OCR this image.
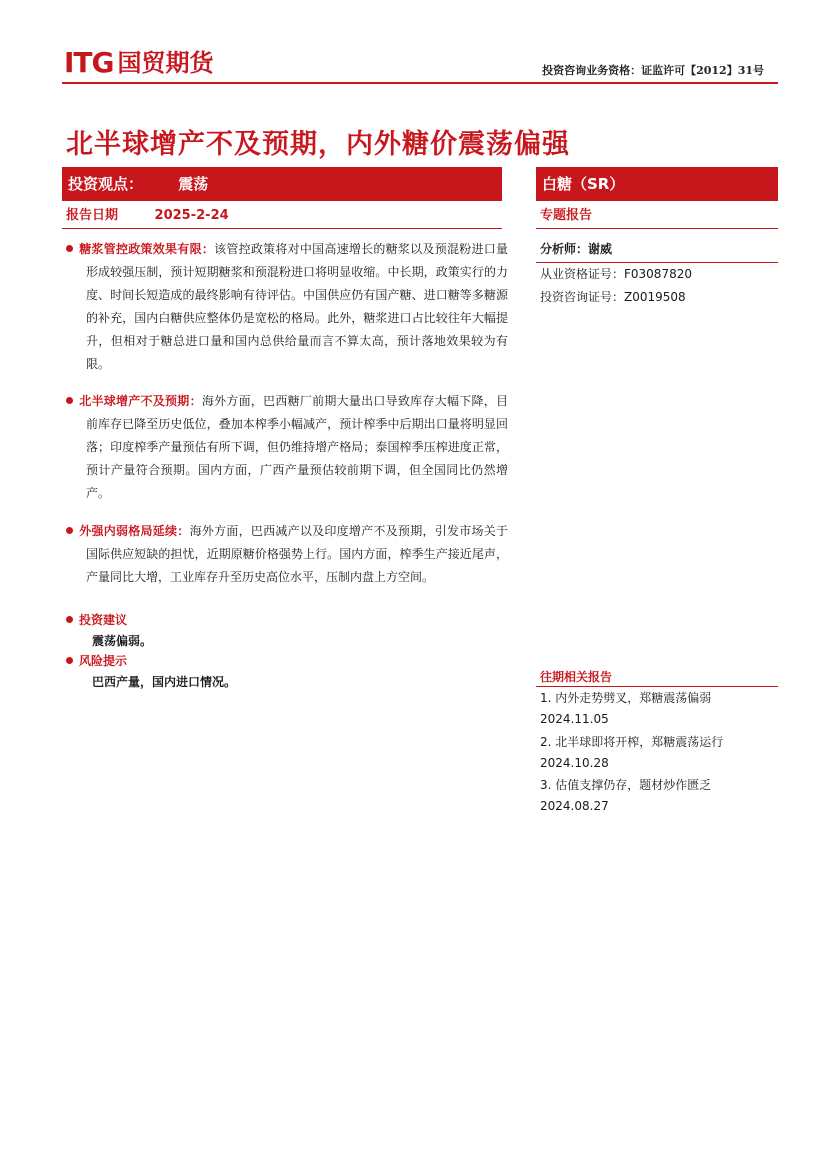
ITG 国贸期货	投资咨询业务资格：证监许可【2012】31号
北半球增产不及预期，内外糖价震荡偏强
投资观点： 震荡	白糖（SR）
报告日期	2025-2-24	专题报告
糖浆管控政策效果有限：该管控政策将对中国高速增长的糖浆以及预混粉进口量形成较强压制，预计短期糖浆和预混粉进口将明显收缩。中长期，政策实行的力度、时间长短造成的最终影响有待评估。中国供应仍有国产糖、进口糖等多糖源的补充，国内白糖供应整体仍是宽松的格局。此外，糖浆进口占比较往年大幅提升，但相对于糖总进口量和国内总供给量而言不算太高，预计落地效果较为有限。
北半球增产不及预期：海外方面，巴西糖厂前期大量出口导致库存大幅下降，目前库存已降至历史低位，叠加本榨季小幅减产，预计榨季中后期出口量将明显回落；印度榨季产量预估有所下调，但仍维持增产格局；泰国榨季压榨进度正常，预计产量符合预期。国内方面，广西产量预估较前期下调，但全国同比仍然增产。
外强内弱格局延续：海外方面，巴西减产以及印度增产不及预期，引发市场关于国际供应短缺的担忧，近期原糖价格强势上行。国内方面，榨季生产接近尾声，产量同比大增，工业库存升至历史高位水平，压制内盘上方空间。
投资建议
震荡偏弱。
风险提示
巴西产量，国内进口情况。
分析师：谢威
从业资格证号：F03087820
投资咨询证号：Z0019508
往期相关报告
1. 内外走势劈叉，郑糖震荡偏弱
2024.11.05
2. 北半球即将开榨，郑糖震荡运行
2024.10.28
3. 估值支撑仍存，题材炒作匮乏
2024.08.27
